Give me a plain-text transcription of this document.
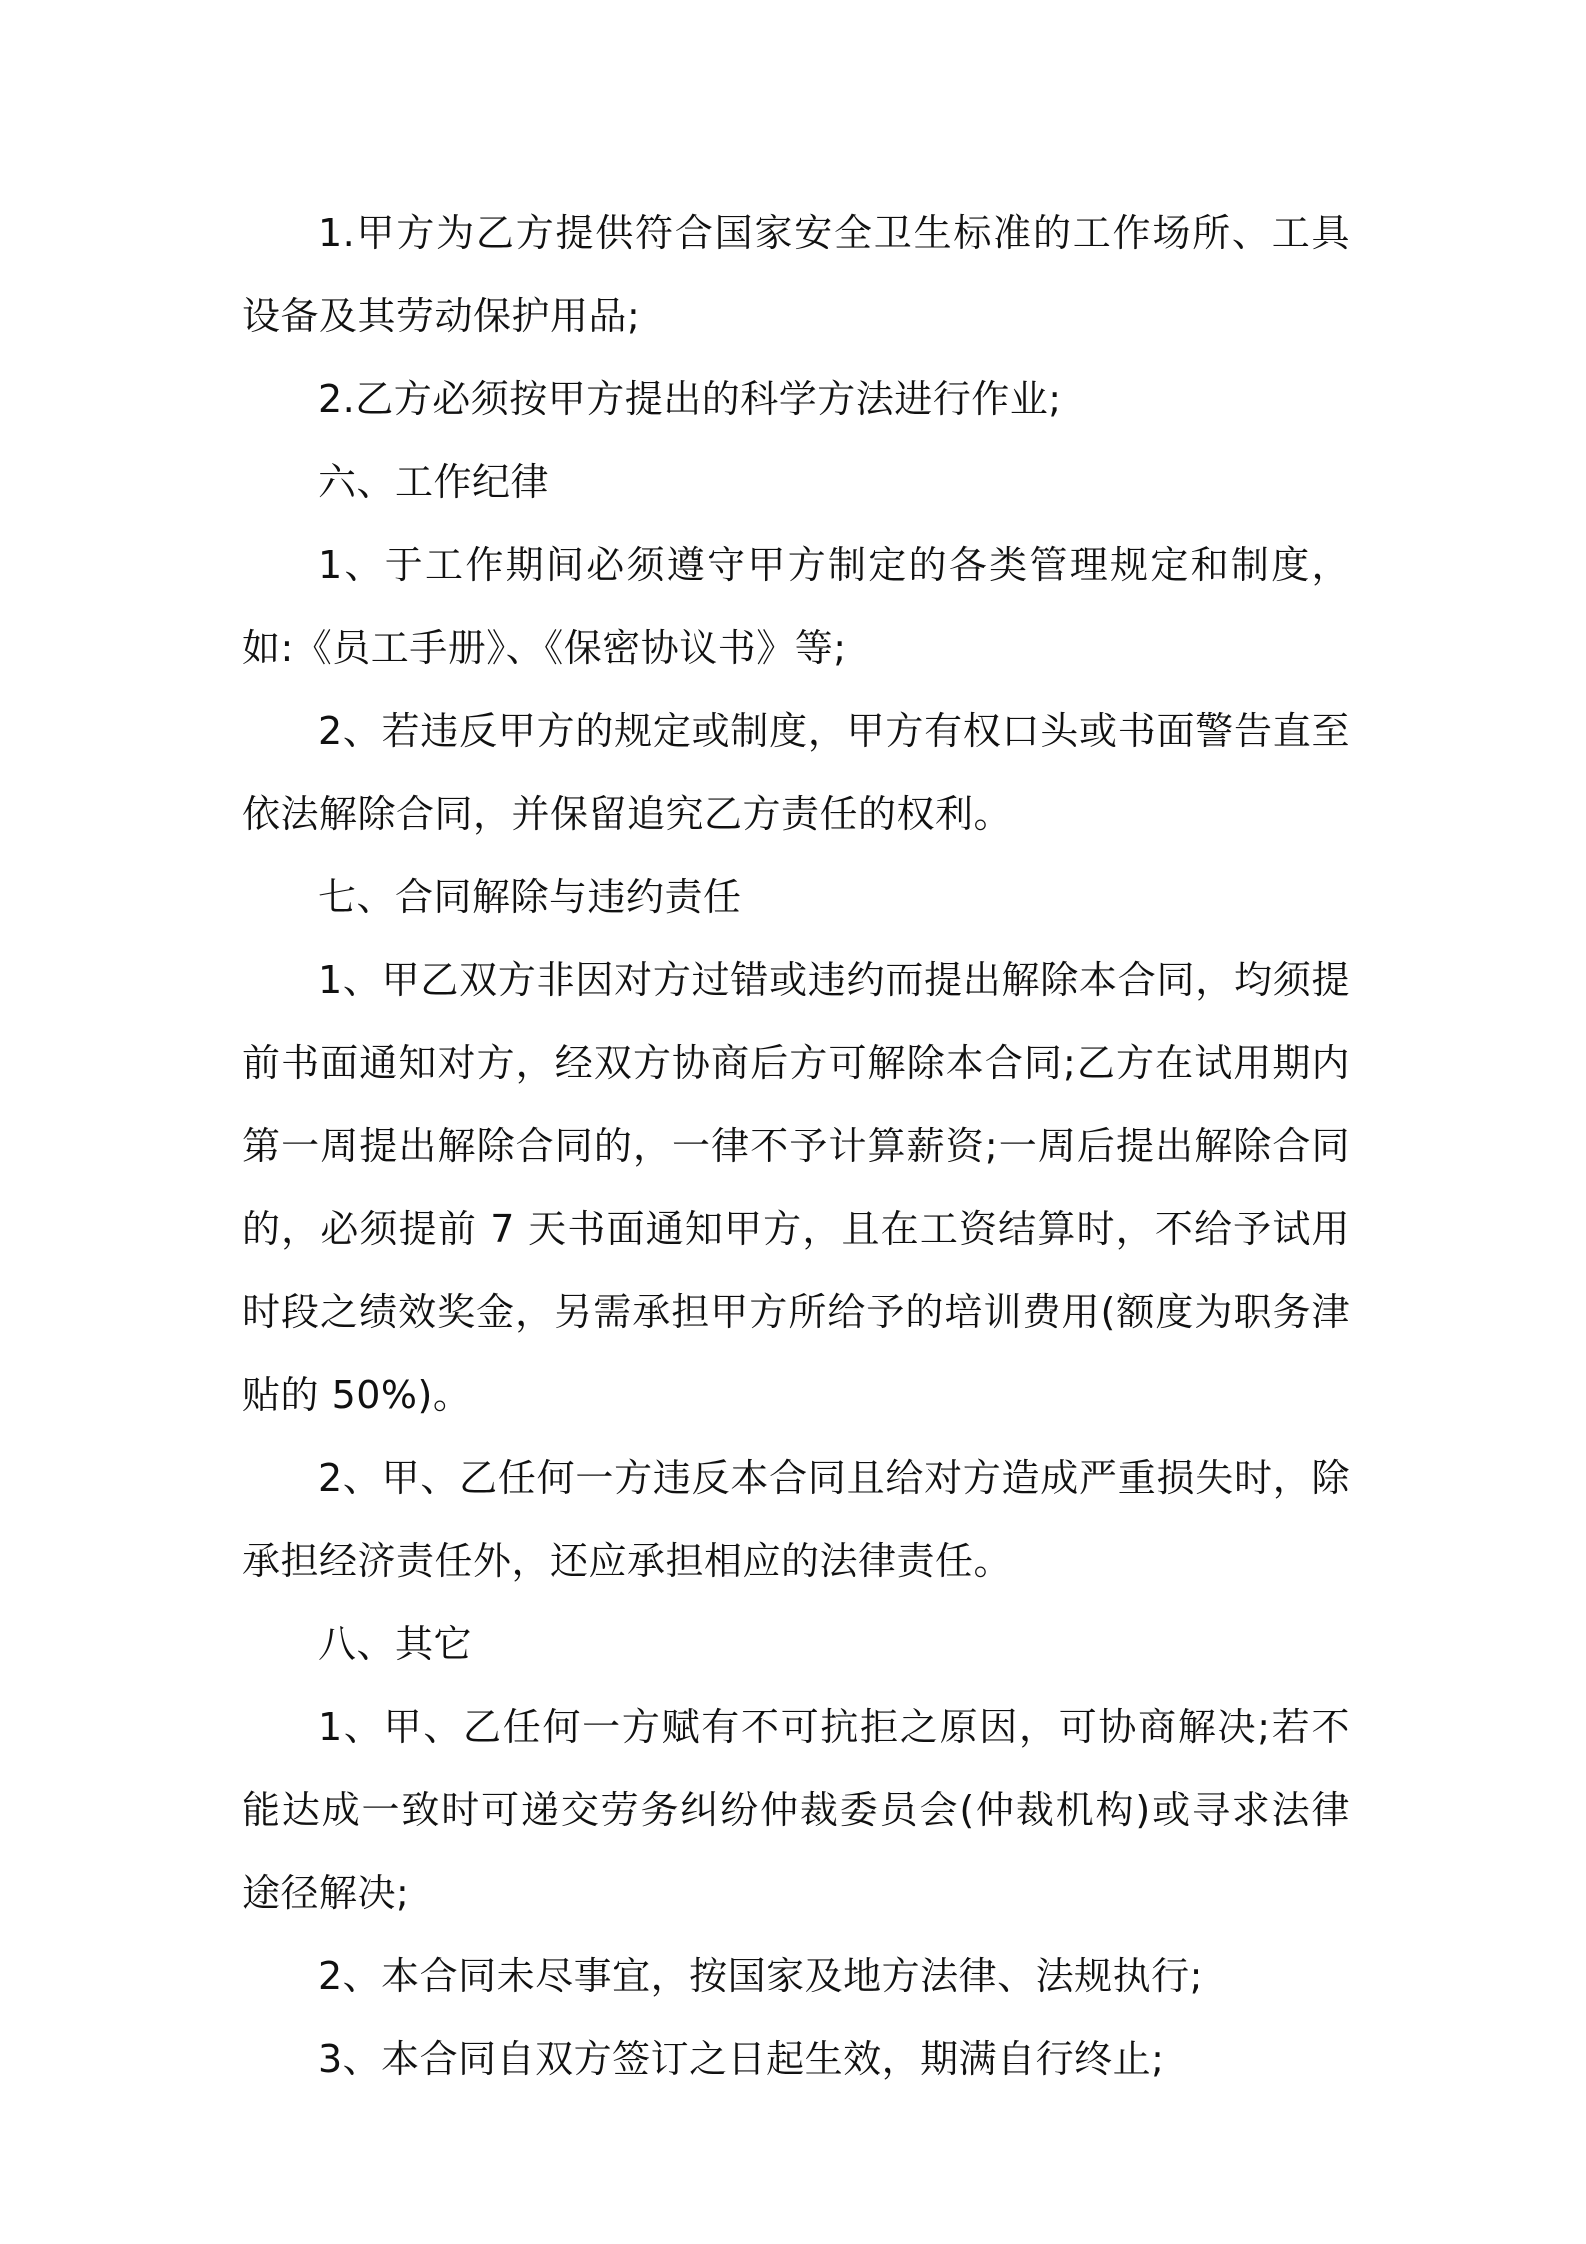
1.甲方为乙方提供符合国家安全卫生标准的工作场所、工具设备及其劳动保护用品;

2.乙方必须按甲方提出的科学方法进行作业;

六、工作纪律

1、于工作期间必须遵守甲方制定的各类管理规定和制度，如:《员工手册》、《保密协议书》等;

2、若违反甲方的规定或制度，甲方有权口头或书面警告直至依法解除合同，并保留追究乙方责任的权利。

七、合同解除与违约责任

1、甲乙双方非因对方过错或违约而提出解除本合同，均须提前书面通知对方，经双方协商后方可解除本合同;乙方在试用期内第一周提出解除合同的，一律不予计算薪资;一周后提出解除合同的，必须提前 7 天书面通知甲方，且在工资结算时，不给予试用时段之绩效奖金，另需承担甲方所给予的培训费用(额度为职务津贴的 50%)。

2、甲、乙任何一方违反本合同且给对方造成严重损失时，除承担经济责任外，还应承担相应的法律责任。

八、其它

1、甲、乙任何一方赋有不可抗拒之原因，可协商解决;若不能达成一致时可递交劳务纠纷仲裁委员会(仲裁机构)或寻求法律途径解决;

2、本合同未尽事宜，按国家及地方法律、法规执行;

3、本合同自双方签订之日起生效，期满自行终止;
